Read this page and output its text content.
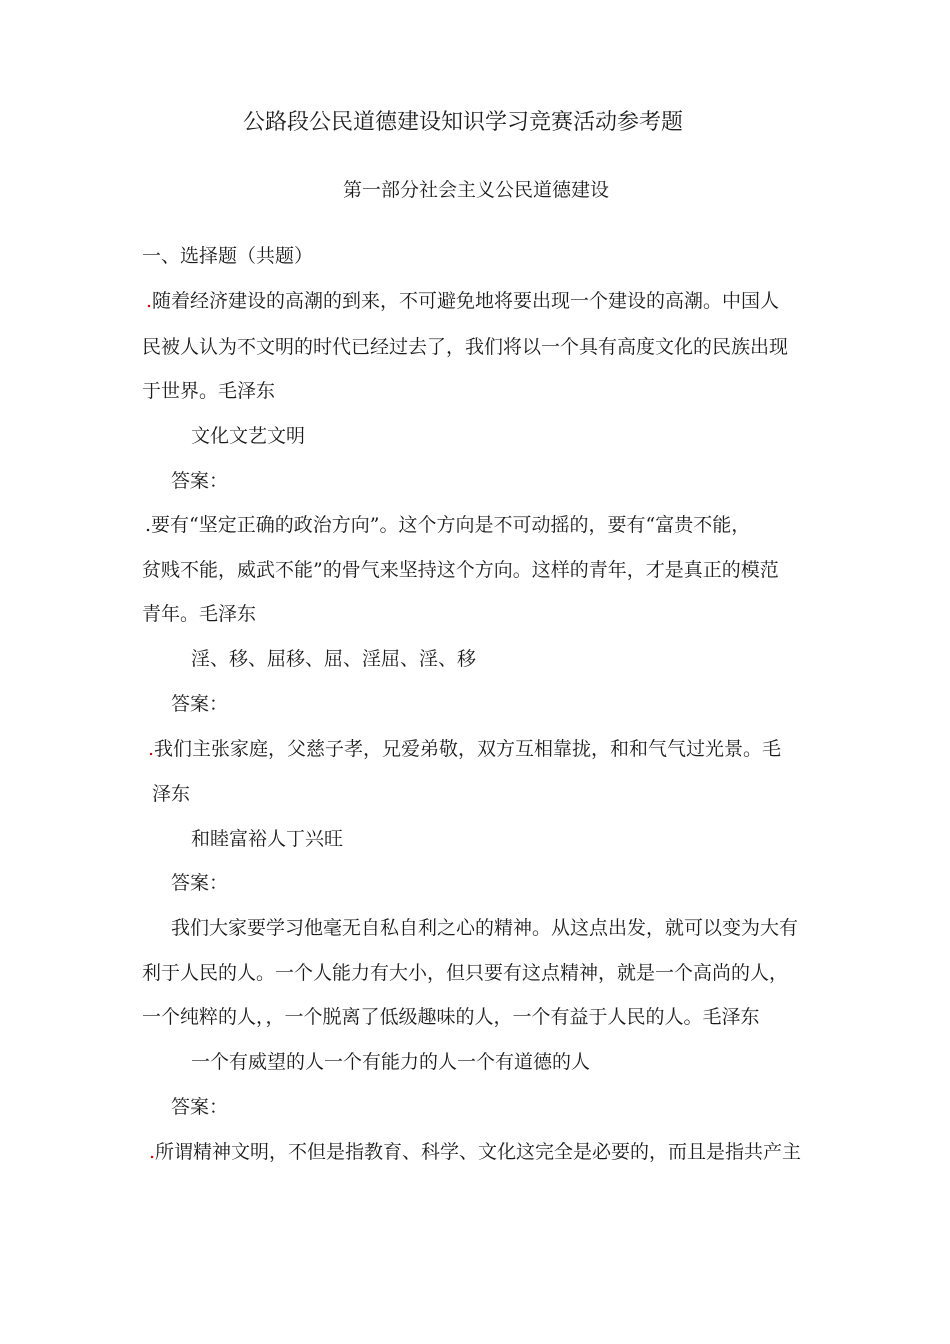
公路段公民道德建设知识学习竞赛活动参考题
第一部分社会主义公民道德建设
一、选择题（共题）
.随着经济建设的高潮的到来，不可避免地将要出现一个建设的高潮。中国人
民被人认为不文明的时代已经过去了，我们将以一个具有高度文化的民族出现
于世界。毛泽东
文化文艺文明
答案：
.要有“坚定正确的政治方向”。这个方向是不可动摇的，要有“富贵不能，
贫贱不能，威武不能”的骨气来坚持这个方向。这样的青年，才是真正的模范
青年。毛泽东
淫、移、屈移、屈、淫屈、淫、移
答案：
.我们主张家庭，父慈子孝，兄爱弟敬，双方互相靠拢，和和气气过光景。毛
泽东
和睦富裕人丁兴旺
答案：
我们大家要学习他毫无自私自利之心的精神。从这点出发，就可以变为大有
利于人民的人。一个人能力有大小，但只要有这点精神，就是一个高尚的人，
一个纯粹的人，，一个脱离了低级趣味的人，一个有益于人民的人。毛泽东
一个有威望的人一个有能力的人一个有道德的人
答案：
.所谓精神文明，不但是指教育、科学、文化这完全是必要的，而且是指共产主
